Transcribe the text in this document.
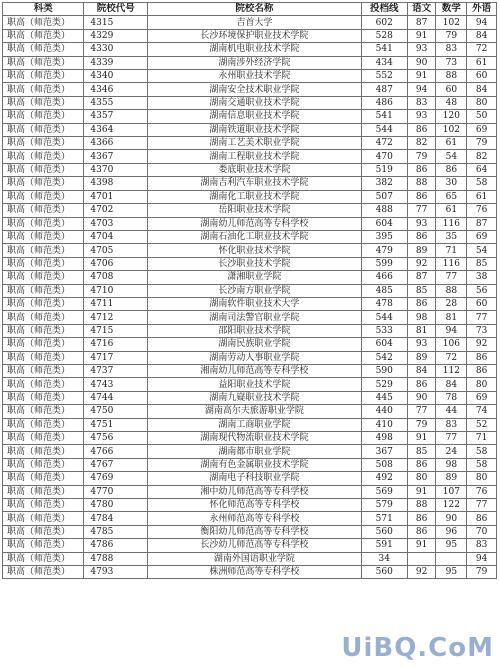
科类	院校代号	院校名称	投档线	语文	数学	外语
职高（师范类）	4315	吉首大学	602	87	102	94
职高（师范类）	4329	长沙环境保护职业技术学院	528	91	79	84
职高（师范类）	4330	湖南机电职业技术学院	541	93	83	72
职高（师范类）	4339	湖南涉外经济学院	434	90	73	61
职高（师范类）	4340	永州职业技术学院	552	91	88	60
职高（师范类）	4346	湖南安全技术职业学院	487	94	60	84
职高（师范类）	4355	湖南交通职业技术学院	486	83	48	80
职高（师范类）	4357	湖南信息职业技术学院	541	93	120	50
职高（师范类）	4364	湖南铁道职业技术学院	544	86	102	69
职高（师范类）	4366	湖南工艺美术职业学院	472	82	61	79
职高（师范类）	4367	湖南工程职业技术学院	470	79	54	82
职高（师范类）	4370	娄底职业技术学院	519	86	86	64
职高（师范类）	4398	湖南吉利汽车职业技术学院	382	88	30	58
职高（师范类）	4701	湖南化工职业技术学院	507	86	65	61
职高（师范类）	4702	岳阳职业技术学院	488	77	61	76
职高（师范类）	4703	湖南幼儿师范高等专科学校	604	93	116	87
职高（师范类）	4704	湖南石油化工职业技术学院	395	86	35	69
职高（师范类）	4705	怀化职业技术学院	479	89	71	54
职高（师范类）	4706	长沙职业技术学院	599	92	116	85
职高（师范类）	4708	潇湘职业学院	466	87	77	38
职高（师范类）	4710	长沙南方职业学院	485	85	88	56
职高（师范类）	4711	湖南软件职业技术大学	478	86	28	60
职高（师范类）	4712	湖南司法警官职业学院	544	98	81	77
职高（师范类）	4715	邵阳职业技术学院	533	81	94	73
职高（师范类）	4716	湖南民族职业学院	604	93	106	92
职高（师范类）	4717	湖南劳动人事职业学院	542	89	72	86
职高（师范类）	4737	湘南幼儿师范高等专科学校	590	84	112	86
职高（师范类）	4743	益阳职业技术学院	529	86	84	80
职高（师范类）	4744	湖南九嶷职业技术学院	445	90	78	69
职高（师范类）	4750	湖南高尔夫旅游职业学院	440	77	44	74
职高（师范类）	4751	湖南工商职业学院	410	79	83	52
职高（师范类）	4756	湖南现代物流职业技术学院	498	91	77	71
职高（师范类）	4766	湖南都市职业学院	367	85	24	58
职高（师范类）	4767	湖南有色金属职业技术学院	508	86	98	58
职高（师范类）	4769	湖南电子科技职业学院	492	80	89	80
职高（师范类）	4770	湘中幼儿师范高等专科学校	569	91	107	76
职高（师范类）	4780	怀化师范高等专科学校	579	88	122	77
职高（师范类）	4784	永州师范高等专科学校	571	86	90	86
职高（师范类）	4785	衡阳幼儿师范高等专科学校	560	86	96	70
职高（师范类）	4786	长沙幼儿师范高等专科学校	591	91	95	83
职高（师范类）	4788	湖南外国语职业学院	34			94
职高（师范类）	4793	株洲师范高等专科学校	560	92	95	79
UiBQ.CoM
